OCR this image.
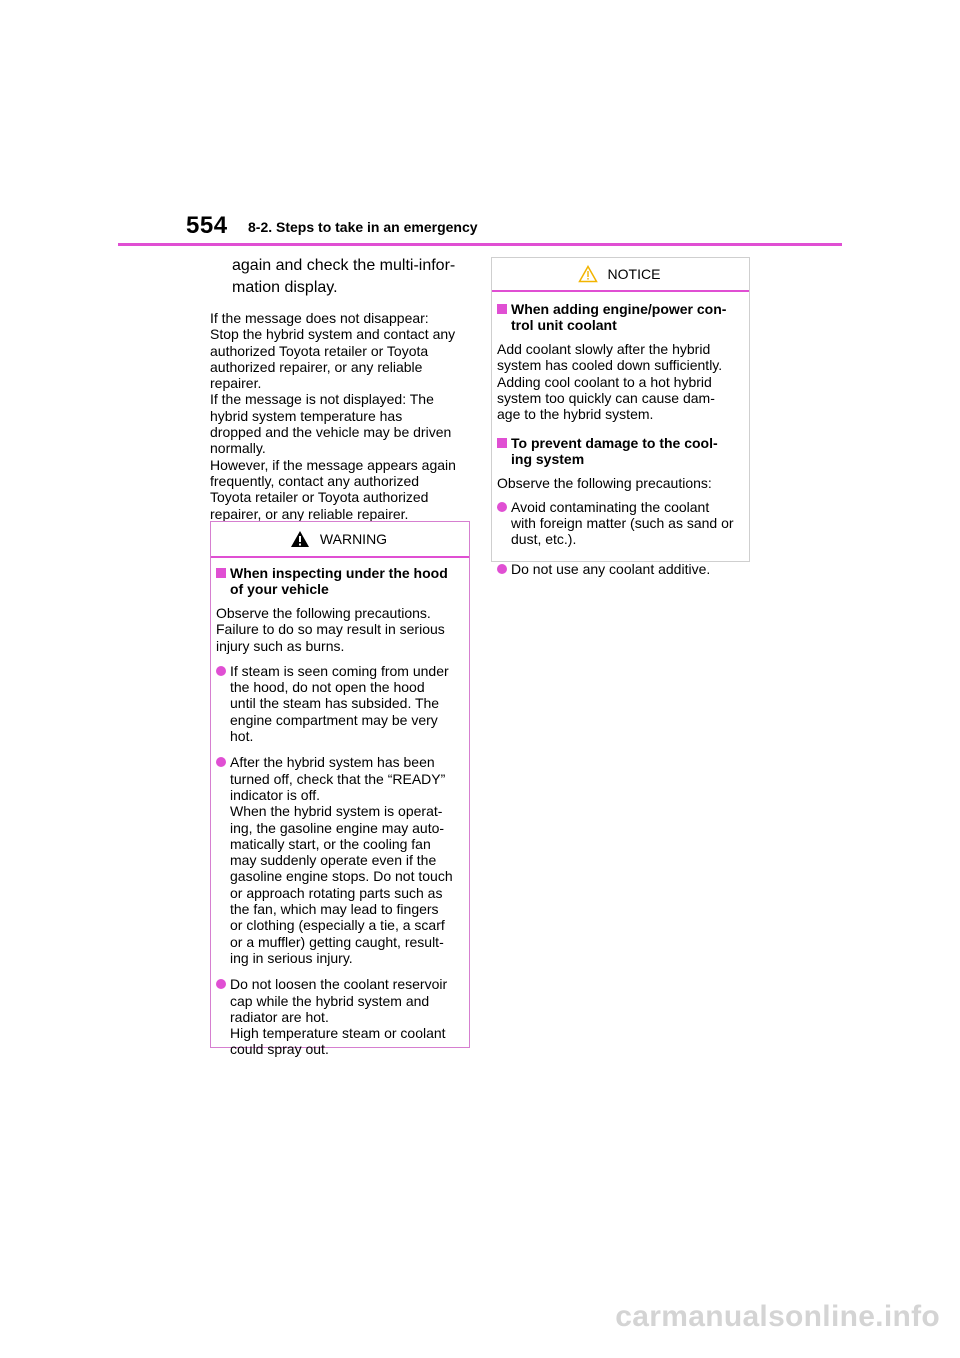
554 8-2. Steps to take in an emergency
again and check the multi-infor-
mation display.
If the message does not disappear:
Stop the hybrid system and contact any
authorized Toyota retailer or Toyota
authorized repairer, or any reliable
repairer.
If the message is not displayed: The
hybrid system temperature has
dropped and the vehicle may be driven
normally.
However, if the message appears again
frequently, contact any authorized
Toyota retailer or Toyota authorized
repairer, or any reliable repairer.
WARNING
When inspecting under the hood
of your vehicle
Observe the following precautions.
Failure to do so may result in serious
injury such as burns.
If steam is seen coming from under
the hood, do not open the hood
until the steam has subsided. The
engine compartment may be very
hot.
After the hybrid system has been
turned off, check that the “READY”
indicator is off.
When the hybrid system is operat-
ing, the gasoline engine may auto-
matically start, or the cooling fan
may suddenly operate even if the
gasoline engine stops. Do not touch
or approach rotating parts such as
the fan, which may lead to fingers
or clothing (especially a tie, a scarf
or a muffler) getting caught, result-
ing in serious injury.
Do not loosen the coolant reservoir
cap while the hybrid system and
radiator are hot.
High temperature steam or coolant
could spray out.
NOTICE
When adding engine/power con-
trol unit coolant
Add coolant slowly after the hybrid
system has cooled down sufficiently.
Adding cool coolant to a hot hybrid
system too quickly can cause dam-
age to the hybrid system.
To prevent damage to the cool-
ing system
Observe the following precautions:
Avoid contaminating the coolant
with foreign matter (such as sand or
dust, etc.).
Do not use any coolant additive.
carmanualsonline.info
